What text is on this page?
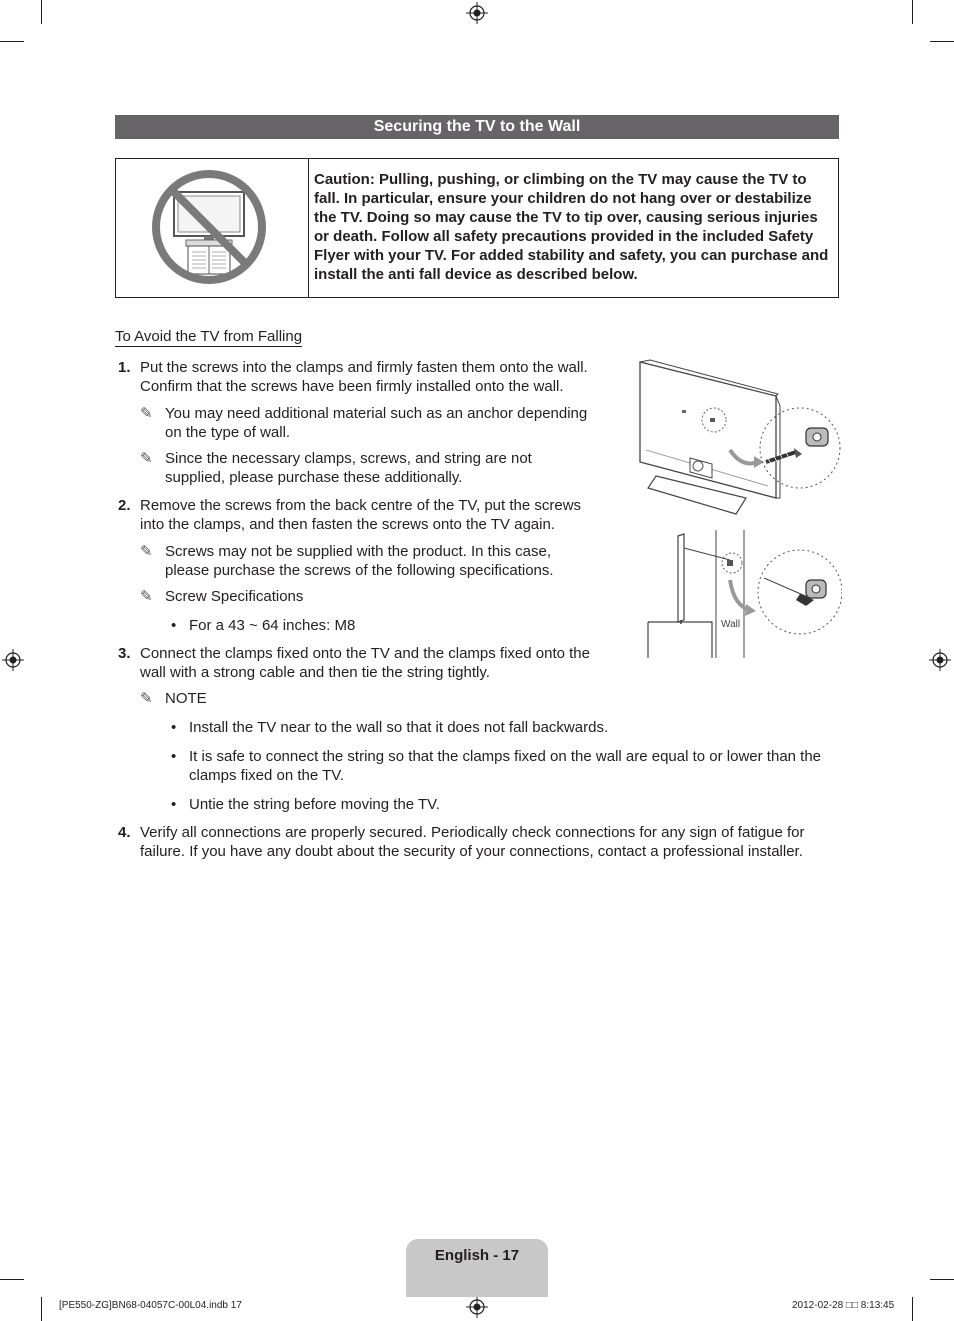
Securing the TV to the Wall
Caution: Pulling, pushing, or climbing on the TV may cause the TV to fall. In particular, ensure your children do not hang over or destabilize the TV. Doing so may cause the TV to tip over, causing serious injuries or death. Follow all safety precautions provided in the included Safety Flyer with your TV. For added stability and safety, you can purchase and install the anti fall device as described below.
To Avoid the TV from Falling
1. Put the screws into the clamps and firmly fasten them onto the wall.
Confirm that the screws have been firmly installed onto the wall.
✎ You may need additional material such as an anchor depending
on the type of wall.
✎ Since the necessary clamps, screws, and string are not
supplied, please purchase these additionally.
2. Remove the screws from the back centre of the TV, put the screws
into the clamps, and then fasten the screws onto the TV again.
✎ Screws may not be supplied with the product. In this case,
please purchase the screws of the following specifications.
✎ Screw Specifications
• For a 43 ~ 64 inches: M8
3. Connect the clamps fixed onto the TV and the clamps fixed onto the
wall with a strong cable and then tie the string tightly.
✎ NOTE
• Install the TV near to the wall so that it does not fall backwards.
• It is safe to connect the string so that the clamps fixed on the wall are equal to or lower than the
clamps fixed on the TV.
• Untie the string before moving the TV.
4. Verify all connections are properly secured. Periodically check connections for any sign of fatigue for
failure. If you have any doubt about the security of your connections, contact a professional installer.
Wall
English - 17
[PE550-ZG]BN68-04057C-00L04.indb 17	2012-02-28 □□ 8:13:45
